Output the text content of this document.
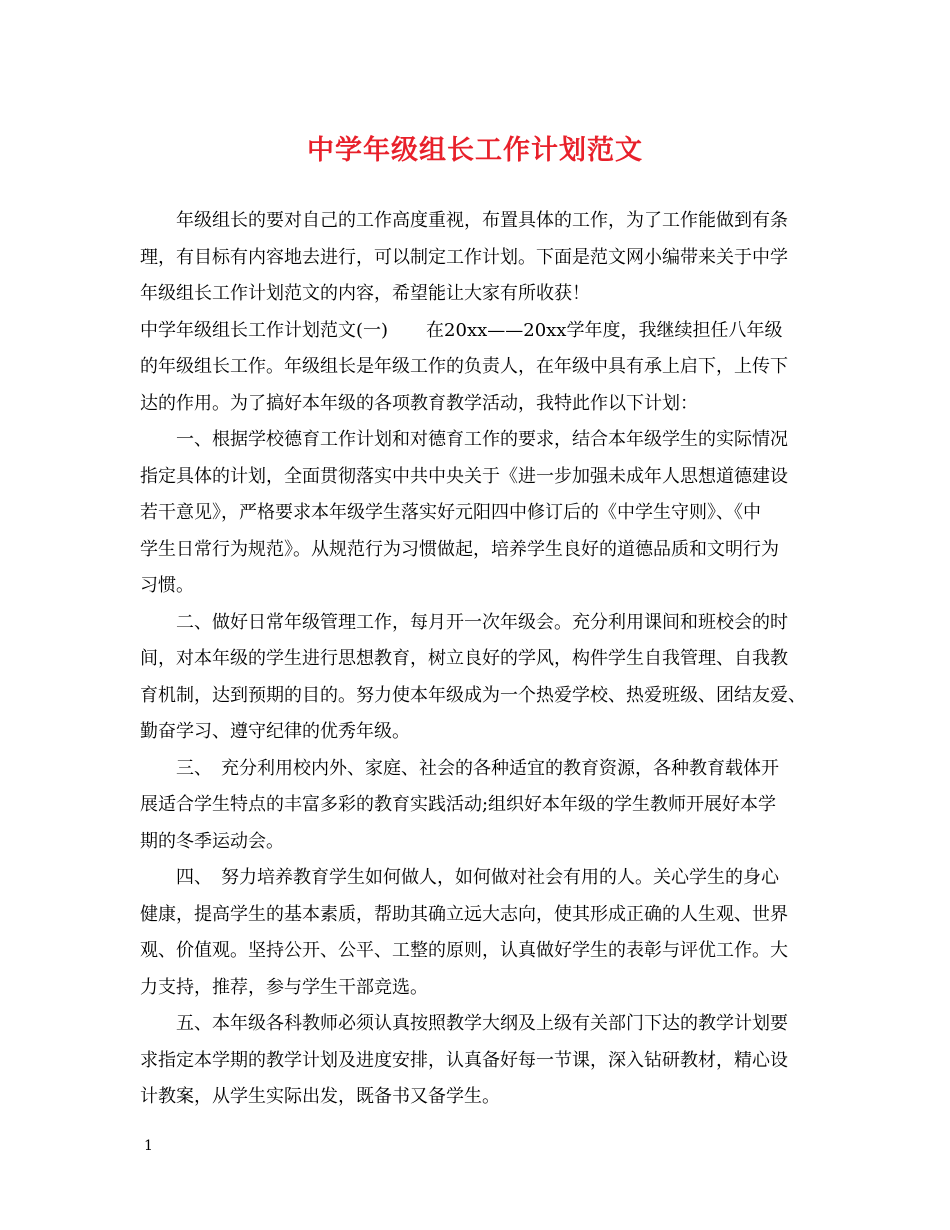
中学年级组长工作计划范文
年级组长的要对自己的工作高度重视，布置具体的工作，为了工作能做到有条
理，有目标有内容地去进行，可以制定工作计划。下面是范文网小编带来关于中学
年级组长工作计划范文的内容，希望能让大家有所收获！
中学年级组长工作计划范文(一) 在20xx——20xx学年度，我继续担任八年级
的年级组长工作。年级组长是年级工作的负责人，在年级中具有承上启下，上传下
达的作用。为了搞好本年级的各项教育教学活动，我特此作以下计划：
一、根据学校德育工作计划和对德育工作的要求，结合本年级学生的实际情况
指定具体的计划，全面贯彻落实中共中央关于《进一步加强未成年人思想道德建设
若干意见》，严格要求本年级学生落实好元阳四中修订后的《中学生守则》、《中
学生日常行为规范》。从规范行为习惯做起，培养学生良好的道德品质和文明行为
习惯。
二、做好日常年级管理工作，每月开一次年级会。充分利用课间和班校会的时
间，对本年级的学生进行思想教育，树立良好的学风，构件学生自我管理、自我教
育机制，达到预期的目的。努力使本年级成为一个热爱学校、热爱班级、团结友爱、
勤奋学习、遵守纪律的优秀年级。
三、　充分利用校内外、家庭、社会的各种适宜的教育资源，各种教育载体开
展适合学生特点的丰富多彩的教育实践活动;组织好本年级的学生教师开展好本学
期的冬季运动会。
四、　努力培养教育学生如何做人，如何做对社会有用的人。关心学生的身心
健康，提高学生的基本素质，帮助其确立远大志向，使其形成正确的人生观、世界
观、价值观。坚持公开、公平、工整的原则，认真做好学生的表彰与评优工作。大
力支持，推荐，参与学生干部竞选。
五、本年级各科教师必须认真按照教学大纲及上级有关部门下达的教学计划要
求指定本学期的教学计划及进度安排，认真备好每一节课，深入钻研教材，精心设
计教案，从学生实际出发，既备书又备学生。

1
